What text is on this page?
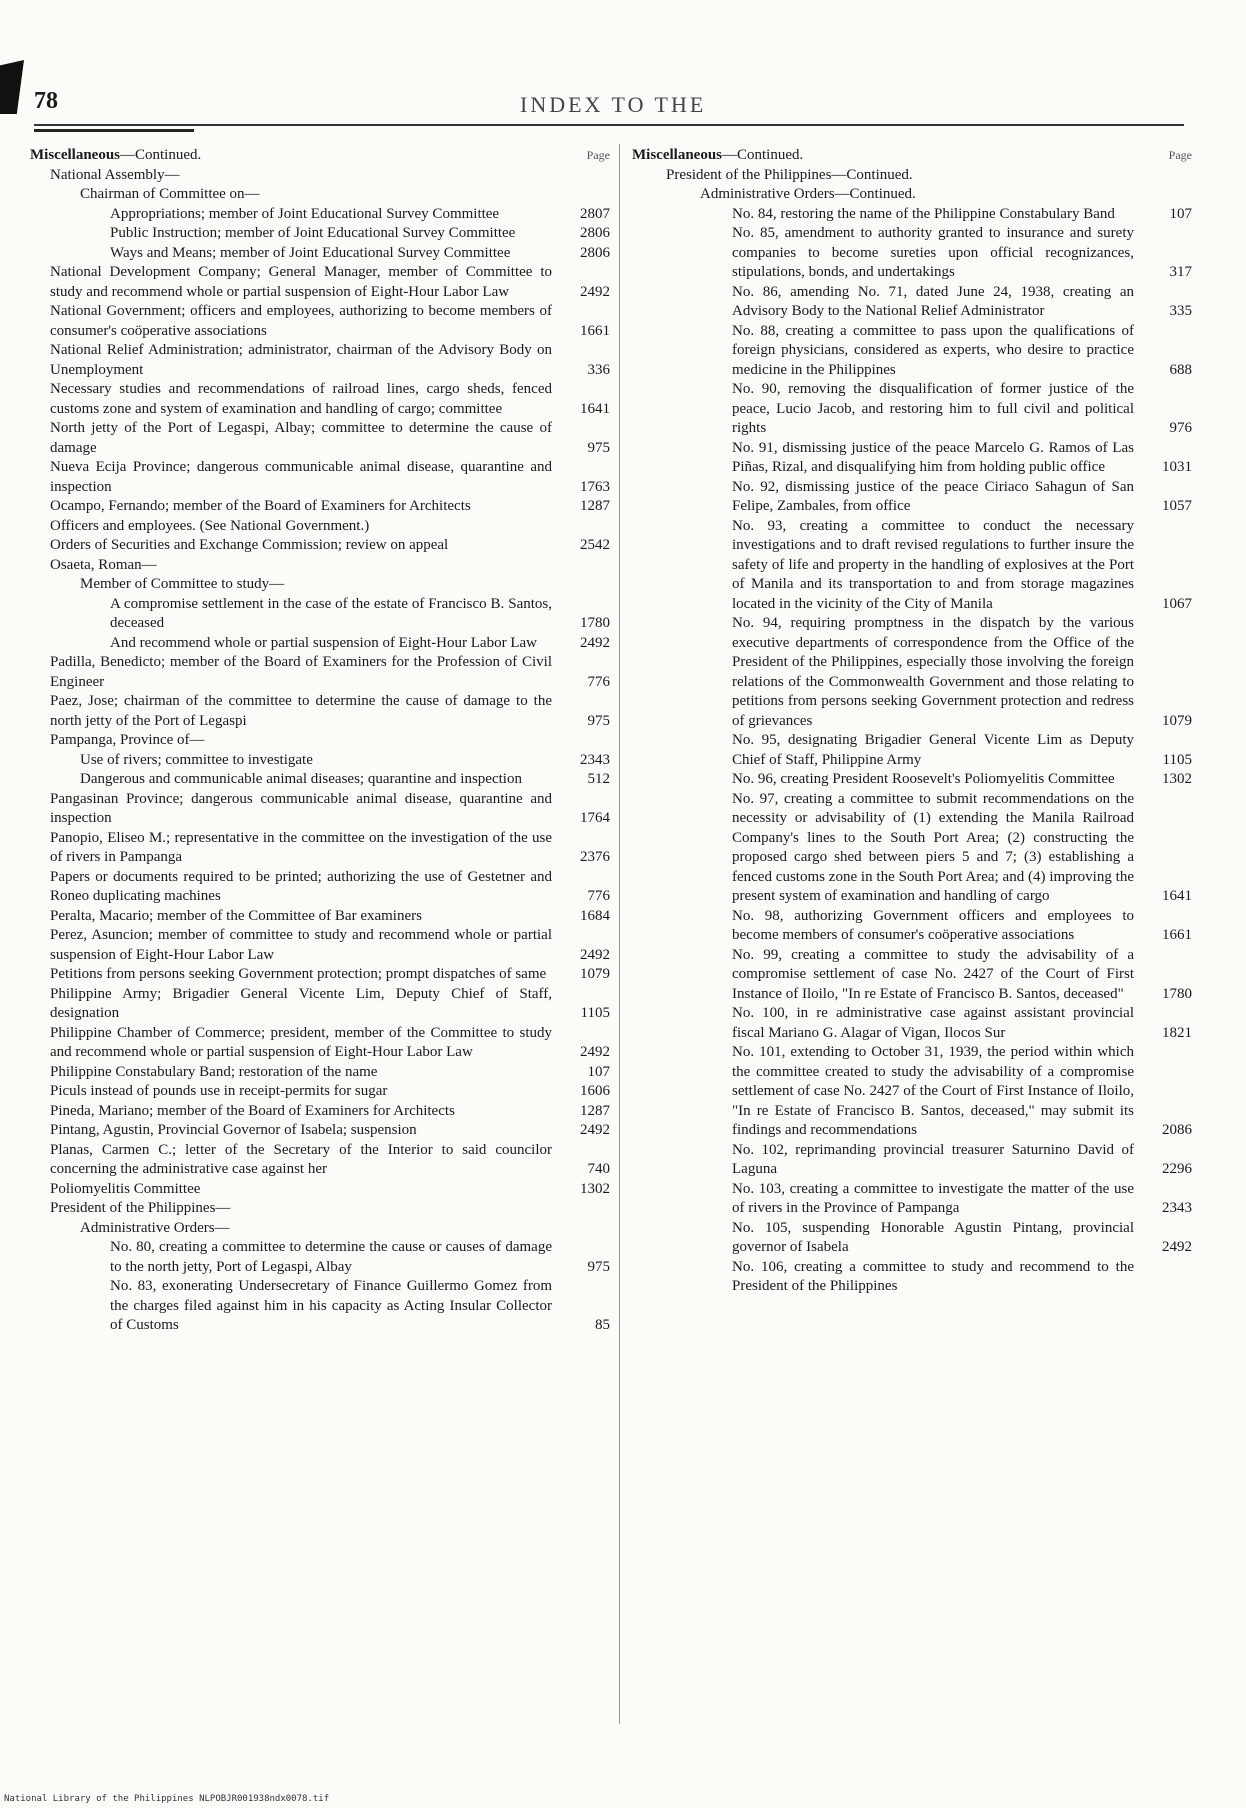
78	INDEX TO THE
Miscellaneous—Continued.	Page
National Assembly—
Chairman of Committee on—
Appropriations; member of Joint Educational Survey Committee	2807
Public Instruction; member of Joint Educational Survey Committee	2806
Ways and Means; member of Joint Educational Survey Committee	2806
National Development Company; General Manager, member of Committee to study and recommend whole or partial suspension of Eight-Hour Labor Law	2492
National Government; officers and employees, authorizing to become members of consumer's coöperative associations	1661
National Relief Administration; administrator, chairman of the Advisory Body on Unemployment	336
Necessary studies and recommendations of railroad lines, cargo sheds, fenced customs zone and system of examination and handling of cargo; committee	1641
North jetty of the Port of Legaspi, Albay; committee to determine the cause of damage	975
Nueva Ecija Province; dangerous communicable animal disease, quarantine and inspection	1763
Ocampo, Fernando; member of the Board of Examiners for Architects	1287
Officers and employees. (See National Government.)
Orders of Securities and Exchange Commission; review on appeal	2542
Osaeta, Roman—
Member of Committee to study—
A compromise settlement in the case of the estate of Francisco B. Santos, deceased	1780
And recommend whole or partial suspension of Eight-Hour Labor Law	2492
Padilla, Benedicto; member of the Board of Examiners for the Profession of Civil Engineer	776
Paez, Jose; chairman of the committee to determine the cause of damage to the north jetty of the Port of Legaspi	975
Pampanga, Province of—
Use of rivers; committee to investigate	2343
Dangerous and communicable animal diseases; quarantine and inspection	512
Pangasinan Province; dangerous communicable animal disease, quarantine and inspection	1764
Panopio, Eliseo M.; representative in the committee on the investigation of the use of rivers in Pampanga	2376
Papers or documents required to be printed; authorizing the use of Gestetner and Roneo duplicating machines	776
Peralta, Macario; member of the Committee of Bar examiners	1684
Perez, Asuncion; member of committee to study and recommend whole or partial suspension of Eight-Hour Labor Law	2492
Petitions from persons seeking Government protection; prompt dispatches of same	1079
Philippine Army; Brigadier General Vicente Lim, Deputy Chief of Staff, designation	1105
Philippine Chamber of Commerce; president, member of the Committee to study and recommend whole or partial suspension of Eight-Hour Labor Law	2492
Philippine Constabulary Band; restoration of the name	107
Piculs instead of pounds use in receipt-permits for sugar	1606
Pineda, Mariano; member of the Board of Examiners for Architects	1287
Pintang, Agustin, Provincial Governor of Isabela; suspension	2492
Planas, Carmen C.; letter of the Secretary of the Interior to said councilor concerning the administrative case against her	740
Poliomyelitis Committee	1302
President of the Philippines—
Administrative Orders—
No. 80, creating a committee to determine the cause or causes of damage to the north jetty, Port of Legaspi, Albay	975
No. 83, exonerating Undersecretary of Finance Guillermo Gomez from the charges filed against him in his capacity as Acting Insular Collector of Customs	85
Miscellaneous—Continued.	Page
President of the Philippines—Continued.
Administrative Orders—Continued.
No. 84, restoring the name of the Philippine Constabulary Band	107
No. 85, amendment to authority granted to insurance and surety companies to become sureties upon official recognizances, stipulations, bonds, and undertakings	317
No. 86, amending No. 71, dated June 24, 1938, creating an Advisory Body to the National Relief Administrator	335
No. 88, creating a committee to pass upon the qualifications of foreign physicians, considered as experts, who desire to practice medicine in the Philippines	688
No. 90, removing the disqualification of former justice of the peace, Lucio Jacob, and restoring him to full civil and political rights	976
No. 91, dismissing justice of the peace Marcelo G. Ramos of Las Piñas, Rizal, and disqualifying him from holding public office	1031
No. 92, dismissing justice of the peace Ciriaco Sahagun of San Felipe, Zambales, from office	1057
No. 93, creating a committee to conduct the necessary investigations and to draft revised regulations to further insure the safety of life and property in the handling of explosives at the Port of Manila and its transportation to and from storage magazines located in the vicinity of the City of Manila	1067
No. 94, requiring promptness in the dispatch by the various executive departments of correspondence from the Office of the President of the Philippines, especially those involving the foreign relations of the Commonwealth Government and those relating to petitions from persons seeking Government protection and redress of grievances	1079
No. 95, designating Brigadier General Vicente Lim as Deputy Chief of Staff, Philippine Army	1105
No. 96, creating President Roosevelt's Poliomyelitis Committee	1302
No. 97, creating a committee to submit recommendations on the necessity or advisability of (1) extending the Manila Railroad Company's lines to the South Port Area; (2) constructing the proposed cargo shed between piers 5 and 7; (3) establishing a fenced customs zone in the South Port Area; and (4) improving the present system of examination and handling of cargo	1641
No. 98, authorizing Government officers and employees to become members of consumer's coöperative associations	1661
No. 99, creating a committee to study the advisability of a compromise settlement of case No. 2427 of the Court of First Instance of Iloilo, "In re Estate of Francisco B. Santos, deceased"	1780
No. 100, in re administrative case against assistant provincial fiscal Mariano G. Alagar of Vigan, Ilocos Sur	1821
No. 101, extending to October 31, 1939, the period within which the committee created to study the advisability of a compromise settlement of case No. 2427 of the Court of First Instance of Iloilo, "In re Estate of Francisco B. Santos, deceased," may submit its findings and recommendations	2086
No. 102, reprimanding provincial treasurer Saturnino David of Laguna	2296
No. 103, creating a committee to investigate the matter of the use of rivers in the Province of Pampanga	2343
No. 105, suspending Honorable Agustin Pintang, provincial governor of Isabela	2492
No. 106, creating a committee to study and recommend to the President of the Philippines
National Library of the Philippines NLPOBJR001938ndx0078.tif
